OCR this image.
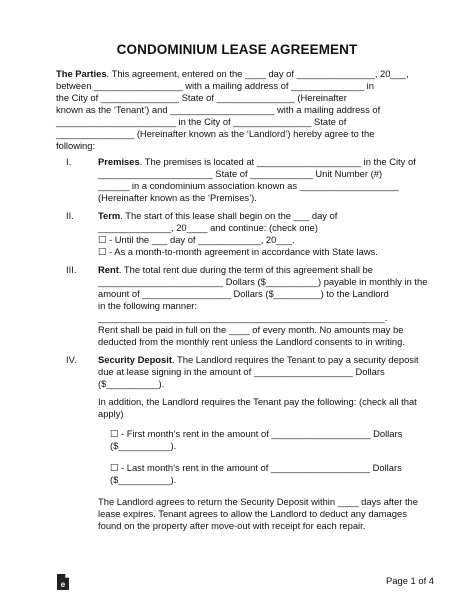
CONDOMINIUM LEASE AGREEMENT
The Parties. This agreement, entered on the ____ day of _______________, 20___,
between _________________ with a mailing address of ______________ in
the City of _______________ State of _______________ (Hereinafter
known as the ‘Tenant’) and ____________________ with a mailing address of
_______________________ in the City of _______________ State of
_______________ (Hereinafter known as the ‘Landlord’) hereby agree to the
following:
I.	Premises. The premises is located at ____________________ in the City of
______________________ State of ____________ Unit Number (#)
______ in a condominium association known as ___________________
(Hereinafter known as the ‘Premises’).
II.	Term. The start of this lease shall begin on the ___ day of
______________, 20____ and continue: (check one)
☐ - Until the ___ day of ____________, 20___.
☐ - As a month-to-month agreement in accordance with State laws.
III. Rent. The total rent due during the term of this agreement shall be
________________________ Dollars ($__________) payable in monthly in the
amount of _________________ Dollars ($_________) to the Landlord
in the following manner:
_______________________________________________________.
Rent shall be paid in full on the ____ of every month. No amounts may be
deducted from the monthly rent unless the Landlord consents to in writing.
IV. Security Deposit. The Landlord requires the Tenant to pay a security deposit
due at lease signing in the amount of ___________________ Dollars
($__________).
In addition, the Landlord requires the Tenant pay the following: (check all that
apply)
☐ - First month’s rent in the amount of ___________________ Dollars
($__________).
☐ - Last month’s rent in the amount of ___________________ Dollars
($__________).
The Landlord agrees to return the Security Deposit within ____ days after the
lease expires. Tenant agrees to allow the Landlord to deduct any damages
found on the property after move-out with receipt for each repair.
e	Page 1 of 4
